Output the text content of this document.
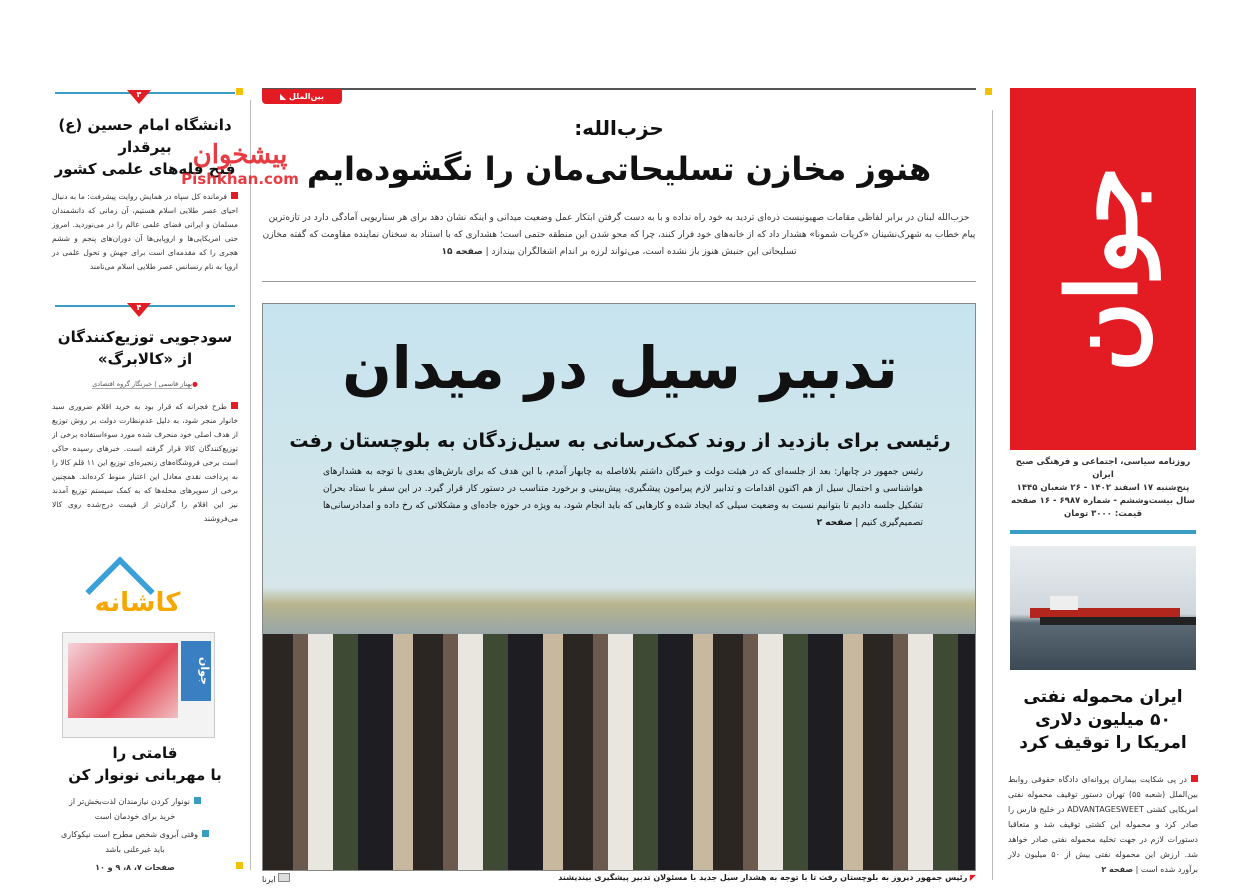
جوان
روزنامه سیاسی، اجتماعی و فرهنگی صبح ایران
پنج‌شنبه ۱۷ اسفند ۱۴۰۲ - ۲۶ شعبان ۱۴۴۵
سال بیست‌وششم - شماره ۶۹۸۷ - ۱۶ صفحه
قیمت: ۳۰۰۰ تومان
ایران محموله نفتی
۵۰ میلیون دلاری
امریکا را توقیف کرد
در پی شکایت بیماران پروانه‌ای دادگاه حقوقی روابط بین‌الملل (شعبه ۵۵) تهران دستور توقیف محموله نفتی امریکایی کشتی ADVANTAGESWEET در خلیج فارس را صادر کرد و محموله این کشتی توقیف شد و متعاقبا دستورات لازم در جهت تخلیه محموله نفتی صادر خواهد شد. ارزش این محموله نفتی بیش از ۵۰ میلیون دلار برآورد شده است | صفحه ۲
بین‌الملل ◣
حزب‌الله:
هنوز مخازن تسلیحاتی‌مان را نگشوده‌ایم
حزب‌الله لبنان در برابر لفاظی مقامات صهیونیست ذره‌ای تردید به خود راه نداده و با به دست گرفتن ابتکار عمل وضعیت میدانی و اینکه نشان دهد برای هر سناریویی آمادگی دارد در تازه‌ترین پیام خطاب به شهرک‌نشینان «کریات شمونا» هشدار داد که از خانه‌های خود فرار کنند، چرا که محو شدن این منطقه حتمی است؛ هشداری که با استناد به سخنان نماینده مقاومت که گفته مخازن تسلیحاتی این جنبش هنوز باز نشده است، می‌تواند لرزه بر اندام اشغالگران بیندازد | صفحه ۱۵
تدبیر سیل در میدان
رئیسی برای بازدید از روند کمک‌رسانی به سیل‌زدگان به بلوچستان رفت
رئیس جمهور در چابهار: بعد از جلسه‌ای که در هیئت دولت و خبرگان داشتم بلافاصله به چابهار آمدم، با این هدف که برای بارش‌های بعدی با توجه به هشدارهای هواشناسی و احتمال سیل از هم اکنون اقدامات و تدابیر لازم پیرامون پیشگیری، پیش‌بینی و برخورد متناسب در دستور کار قرار گیرد. در این سفر با ستاد بحران تشکیل جلسه دادیم تا بتوانیم نسبت به وضعیت سیلی که ایجاد شده و کارهایی که باید انجام شود، به ویژه در حوزه جاده‌ای و مشکلاتی که رخ داده و امدادرسانی‌ها تصمیم‌گیری کنیم | صفحه ۲
◤ رئیس جمهور دیروز به بلوچستان رفت تا با توجه به هشدار سیل جدید با مسئولان تدبیر پیشگیری بیندیشند
ایرنا
۳
دانشگاه امام حسین (ع)
بیرقدار
فتح قله‌های علمی کشور
فرمانده کل سپاه در همایش روایت پیشرفت: ما به دنبال احیای عصر طلایی اسلام هستیم، آن زمانی که دانشمندان مسلمان و ایرانی فضای علمی عالم را در می‌نوردید. امروز حتی امریکایی‌ها و اروپایی‌ها آن دوران‌های پنجم و ششم هجری را که مقدمه‌ای است برای جهش و تحول علمی در اروپا به نام رنسانس عصر طلایی اسلام می‌نامند
پیشخوان
Pishkhan.com
۴
سودجویی توزیع‌کنندگان
از «کالابرگ»
●بهناز قاسمی | خبرنگار گروه اقتصادی
طرح فجرانه که قرار بود به خرید اقلام ضروری سبد خانوار منجر شود، به دلیل عدم‌نظارت دولت بر روش توزیع از هدف اصلی خود منحرف شده مورد سوءاستفاده برخی از توزیع‌کنندگان کالا قرار گرفته است. خبرهای رسیده حاکی است برخی فروشگاه‌های زنجیره‌ای توزیع این ۱۱ قلم کالا را به پرداخت نقدی معادل این اعتبار منوط کرده‌اند. همچنین برخی از سوپرهای محله‌ها که به کمک سیستم توزیع آمدند نیز این اقلام را گران‌تر از قیمت درج‌شده روی کالا می‌فروشند
کاشانه
جوان
قامتی را
با مهربانی نونوار کن
نونوار کردن نیازمندان لذت‌بخش‌تر از خرید برای خودمان است
وقتی آبروی شخص مطرح است نیکوکاری باید غیرعلنی باشد
صفحات ۷، ۸، ۹ و ۱۰
